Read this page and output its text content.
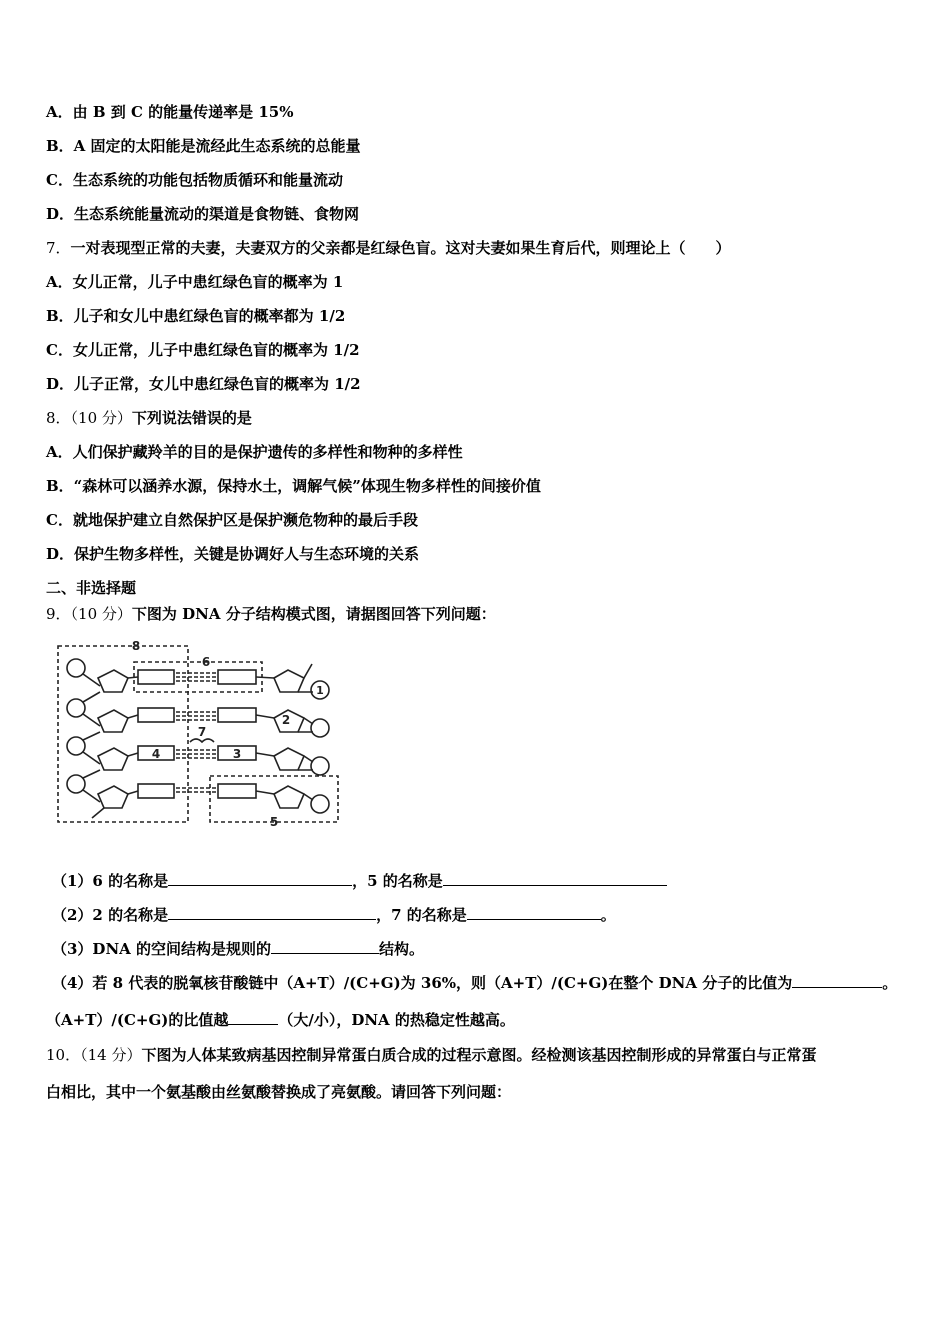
A．由 B 到 C 的能量传递率是 15%
B．A 固定的太阳能是流经此生态系统的总能量
C．生态系统的功能包括物质循环和能量流动
D．生态系统能量流动的渠道是食物链、食物网
7．一对表现型正常的夫妻，夫妻双方的父亲都是红绿色盲。这对夫妻如果生育后代，则理论上（　　）
A．女儿正常，儿子中患红绿色盲的概率为 1
B．儿子和女儿中患红绿色盲的概率都为 1/2
C．女儿正常，儿子中患红绿色盲的概率为 1/2
D．儿子正常，女儿中患红绿色盲的概率为 1/2
8．（10 分）下列说法错误的是
A．人们保护藏羚羊的目的是保护遗传的多样性和物种的多样性
B．“森林可以涵养水源，保持水土，调解气候”体现生物多样性的间接价值
C．就地保护建立自然保护区是保护濒危物种的最后手段
D．保护生物多样性，关键是协调好人与生态环境的关系
二、非选择题
9．（10 分）下图为 DNA 分子结构模式图，请据图回答下列问题：
8
6
7
4	3
5
1
2
（1）6 的名称是	，5 的名称是
（2）2 的名称是	，7 的名称是	。
（3）DNA 的空间结构是规则的	结构。
（4）若 8 代表的脱氧核苷酸链中（A+T）/(C+G)为 36%，则（A+T）/(C+G)在整个 DNA 分子的比值为	。
（A+T）/(C+G)的比值越	（大/小），DNA 的热稳定性越高。
10．（14 分）下图为人体某致病基因控制异常蛋白质合成的过程示意图。经检测该基因控制形成的异常蛋白与正常蛋
白相比，其中一个氨基酸由丝氨酸替换成了亮氨酸。请回答下列问题：
